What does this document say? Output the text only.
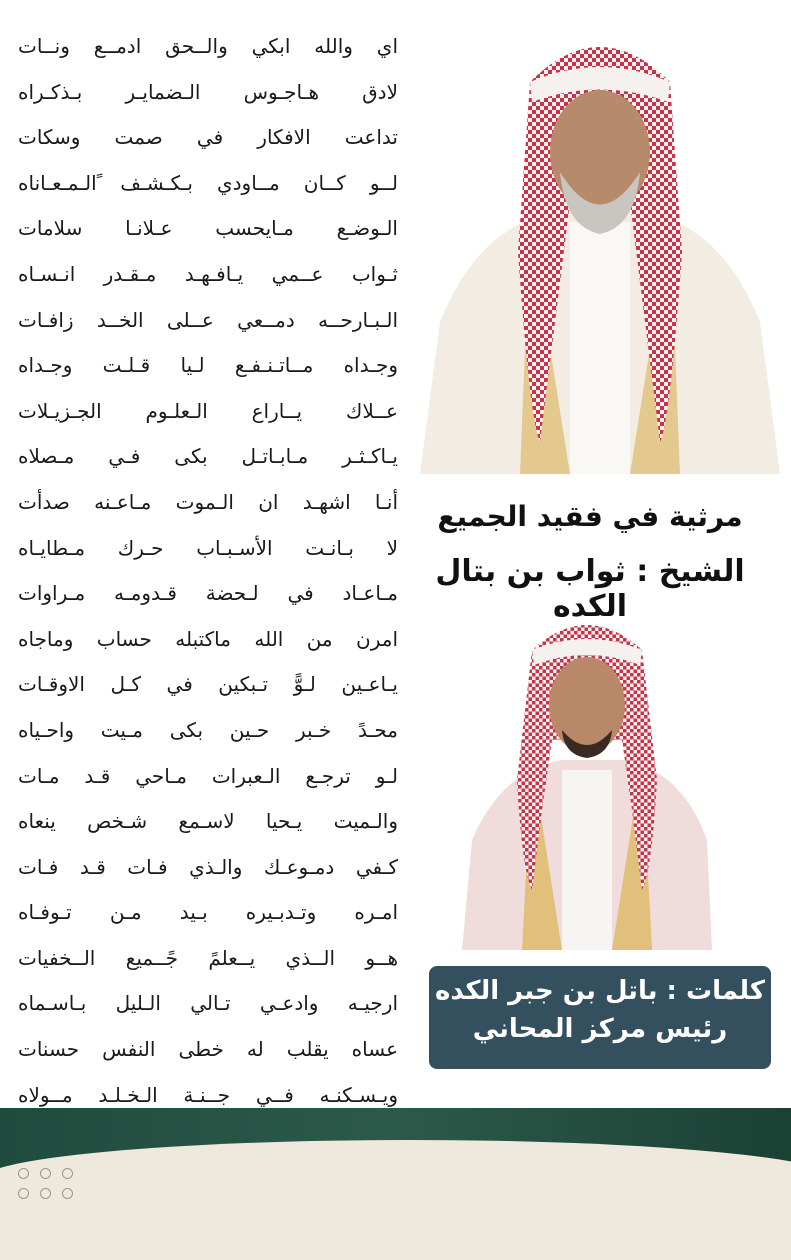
اي والله ابكي والــحق ادمــع ونــات
لادق هـاجـوس الـضمايـر بـذكـراه
تداعت الافكار في صمت وسكات
لــو كــان مــاودي بـكـشـف ًالـمـعـاناه
الـوضـع مـايحسب عـلانـا سلامات
ثـواب عــمي يـافـهـد مـقـدر انـسـاه
الـبـارحــه دمــعي عــلى الخــد زافـات
وجـداه مــاتـنـفـع لـيا قـلـت وجـداه
عــلاك يــاراع الـعلـوم الجـزيـلات
يـاكـثـر مـابـاتـل بكى فـي مـصلاه
أنـا اشهـد ان الـموت مـاعـنه صدأت
لا بـانـت الأسـبـاب حـرك مـطايـاه
مـاعـاد في لـحضة قـدومـه مـراوات
امرن من الله ماكتبله حساب وماجاه
يـاعـين لـوًّ تـبكين في كـل الاوقـات
محـدً خـبر حـين بكى مـيت واحـياه
لـو ترجـع الـعبرات مـاحي قـد مـات
والـميت يـحيا لاسـمع شـخص ينعاه
كـفي دمـوعـك والـذي فـات قـد فـات
امـره وتـدبـيره بـيد مـن تـوفـاه
هــو الــذي يــعلمً جًــميع الــخفيات
ارجيـه وادعـي تـالي الـليل بـاسـماه
عساه يقلب له خطى النفس حسنات
ويـسـكنـه فــي جــنـة الـخـلـد مــولاه
مرثية في فقيد الجميع
الشيخ : ثواب بن بتال الكده
كلمات : باتل بن جبر الكده
رئيس مركز المحاني
